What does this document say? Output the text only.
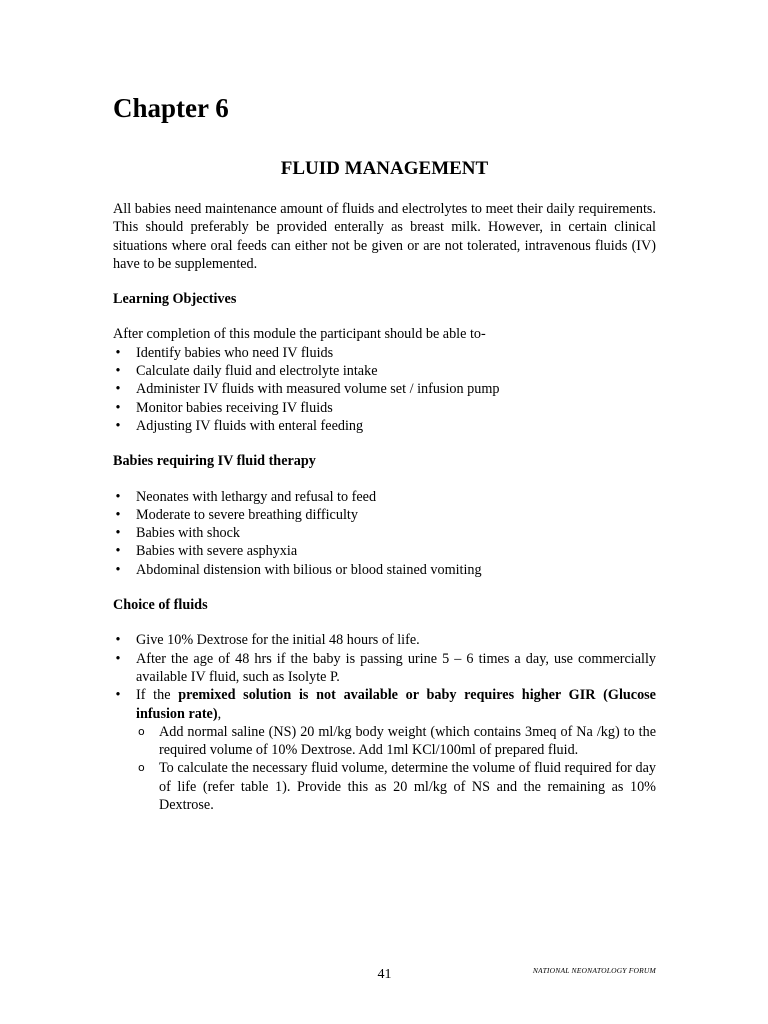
Chapter 6
FLUID MANAGEMENT

All babies need maintenance amount of fluids and electrolytes to meet their daily requirements. This should preferably be provided enterally as breast milk. However, in certain clinical situations where oral feeds can either not be given or are not tolerated, intravenous fluids (IV) have to be supplemented.

Learning Objectives

After completion of this module the participant should be able to-

• Identify babies who need IV fluids
• Calculate daily fluid and electrolyte intake
• Administer IV fluids with measured volume set / infusion pump
• Monitor babies receiving IV fluids
• Adjusting IV fluids with enteral feeding

Babies requiring IV fluid therapy

• Neonates with lethargy and refusal to feed
• Moderate to severe breathing difficulty
• Babies with shock
• Babies with severe asphyxia
• Abdominal distension with bilious or blood stained vomiting

Choice of fluids

• Give 10% Dextrose for the initial 48 hours of life.
• After the age of 48 hrs if the baby is passing urine 5 – 6 times a day, use commercially available IV fluid, such as Isolyte P.
• If the premixed solution is not available or baby requires higher GIR (Glucose infusion rate),
o Add normal saline (NS) 20 ml/kg body weight (which contains 3meq of Na /kg) to the required volume of 10% Dextrose. Add 1ml KCl/100ml of prepared fluid.
o To calculate the necessary fluid volume, determine the volume of fluid required for day of life (refer table 1). Provide this as 20 ml/kg of NS and the remaining as 10% Dextrose.

41	NATIONAL NEONATOLOGY FORUM
